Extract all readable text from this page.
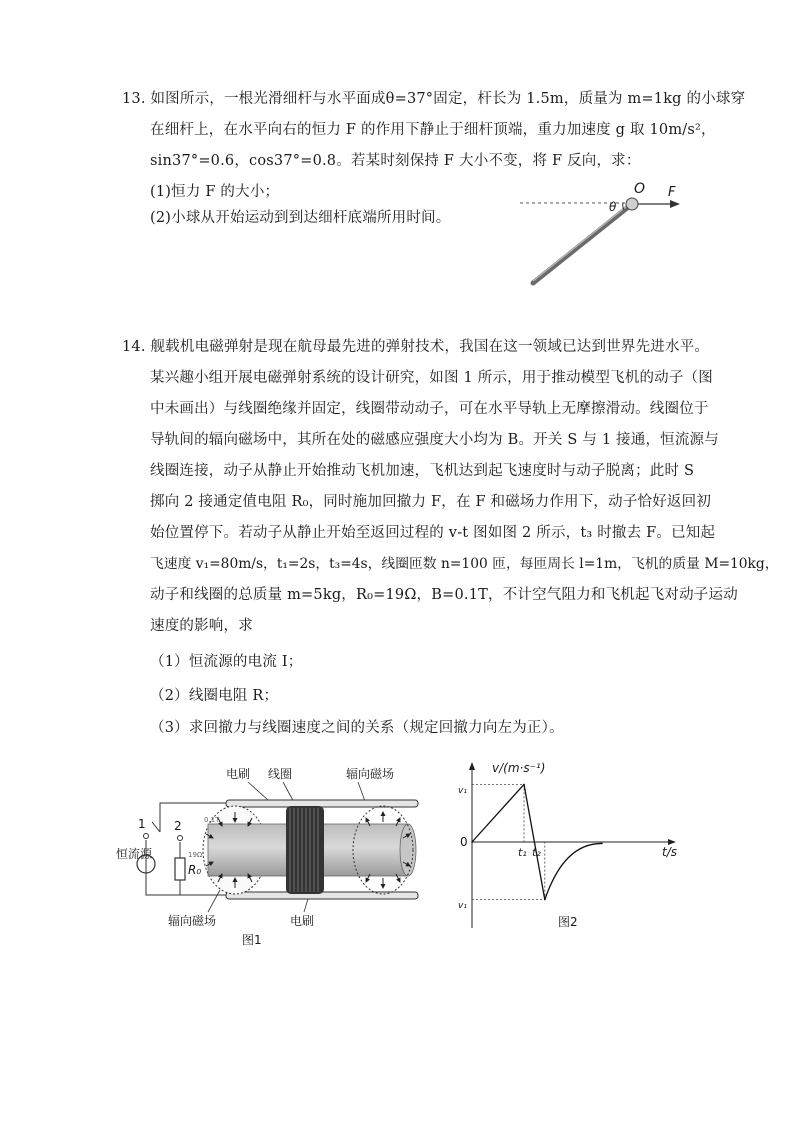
13. 如图所示，一根光滑细杆与水平面成θ=37°固定，杆长为 1.5m，质量为 m=1kg 的小球穿
在细杆上，在水平向右的恒力 F 的作用下静止于细杆顶端，重力加速度 g 取 10m/s²，
sin37°=0.6，cos37°=0.8。若某时刻保持 F 大小不变，将 F 反向，求：
(1)恒力 F 的大小；
(2)小球从开始运动到到达细杆底端所用时间。
θ
O F
14. 舰载机电磁弹射是现在航母最先进的弹射技术，我国在这一领域已达到世界先进水平。
某兴趣小组开展电磁弹射系统的设计研究，如图 1 所示，用于推动模型飞机的动子（图
中未画出）与线圈绝缘并固定，线圈带动动子，可在水平导轨上无摩擦滑动。线圈位于
导轨间的辐向磁场中，其所在处的磁感应强度大小均为 B。开关 S 与 1 接通，恒流源与
线圈连接，动子从静止开始推动飞机加速，飞机达到起飞速度时与动子脱离；此时 S
掷向 2 接通定值电阻 R₀，同时施加回撤力 F，在 F 和磁场力作用下，动子恰好返回初
始位置停下。若动子从静止开始至返回过程的 v-t 图如图 2 所示，t₃ 时撤去 F。已知起
飞速度 v₁=80m/s，t₁=2s，t₃=4s，线圈匝数 n=100 匝，每匝周长 l=1m，飞机的质量 M=10kg，
动子和线圈的总质量 m=5kg，R₀=19Ω，B=0.1T，不计空气阻力和飞机起飞对动子运动
速度的影响，求
（1）恒流源的电流 I；
（2）线圈电阻 R；
（3）求回撤力与线圈速度之间的关系（规定回撤力向左为正）。
电刷 线圈	辐向磁场
1 2
恒流源
R₀
19Ω
0.1T
辐向磁场	电刷
图1
v/(m·s⁻¹)
t/s
0
v₁
v₁
t₁ t₂
图2
